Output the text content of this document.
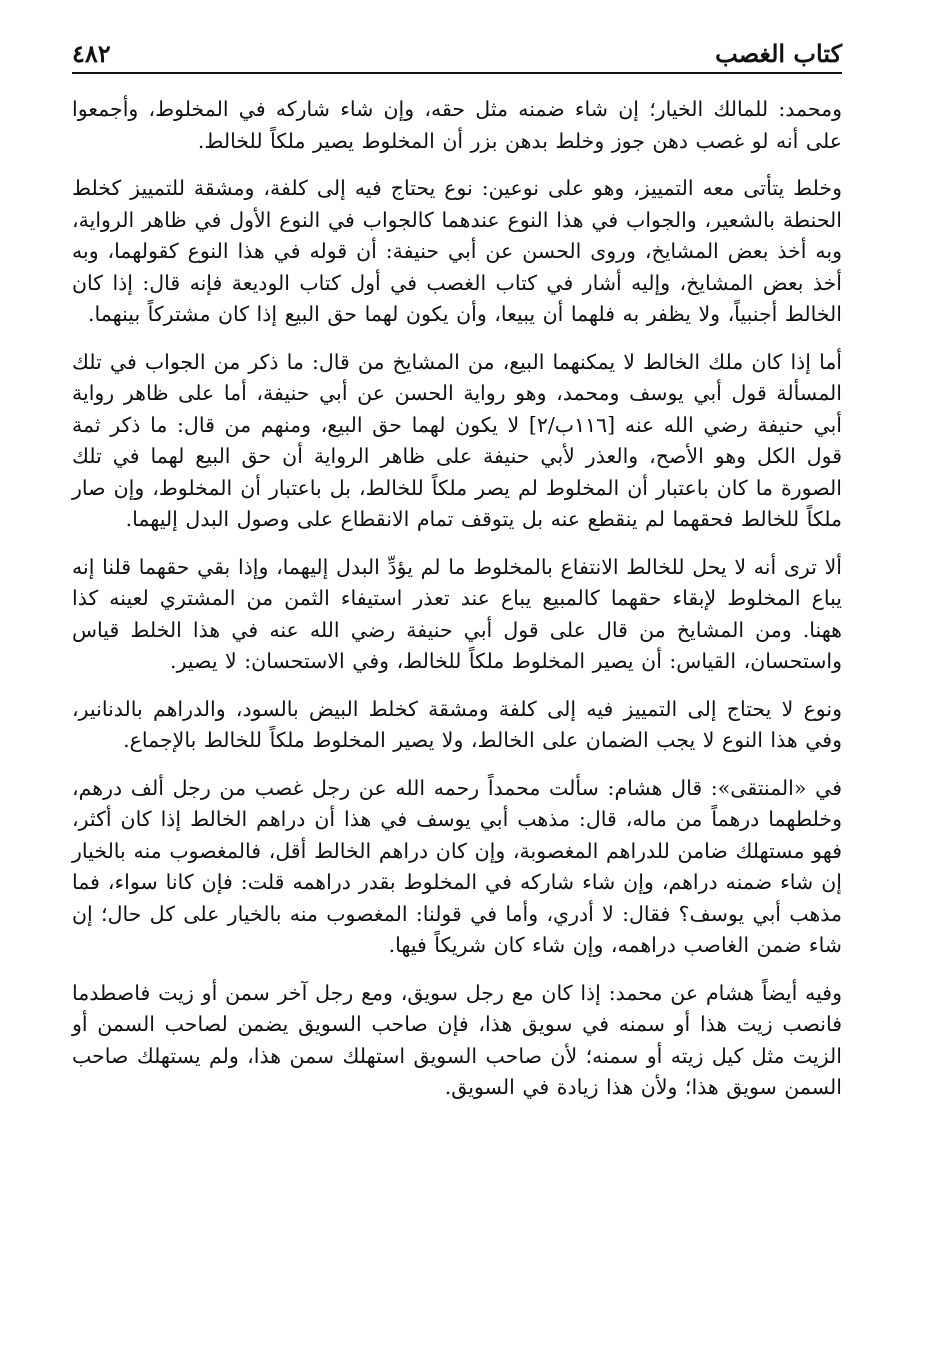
كتاب الغصب
٤٨٢

ومحمد: للمالك الخيار؛ إن شاء ضمنه مثل حقه، وإن شاء شاركه في المخلوط، وأجمعوا على أنه لو غصب دهن جوز وخلط بدهن بزر أن المخلوط يصير ملكاً للخالط.

وخلط يتأتى معه التمييز، وهو على نوعين: نوع يحتاج فيه إلى كلفة، ومشقة للتمييز كخلط الحنطة بالشعير، والجواب في هذا النوع عندهما كالجواب في النوع الأول في ظاهر الرواية، وبه أخذ بعض المشايخ، وروى الحسن عن أبي حنيفة: أن قوله في هذا النوع كقولهما، وبه أخذ بعض المشايخ، وإليه أشار في كتاب الغصب في أول كتاب الوديعة فإنه قال: إذا كان الخالط أجنبياً، ولا يظفر به فلهما أن يبيعا، وأن يكون لهما حق البيع إذا كان مشتركاً بينهما.

أما إذا كان ملك الخالط لا يمكنهما البيع، من المشايخ من قال: ما ذكر من الجواب في تلك المسألة قول أبي يوسف ومحمد، وهو رواية الحسن عن أبي حنيفة، أما على ظاهر رواية أبي حنيفة رضي الله عنه [١١٦ب/٢] لا يكون لهما حق البيع، ومنهم من قال: ما ذكر ثمة قول الكل وهو الأصح، والعذر لأبي حنيفة على ظاهر الرواية أن حق البيع لهما في تلك الصورة ما كان باعتبار أن المخلوط لم يصر ملكاً للخالط، بل باعتبار أن المخلوط، وإن صار ملكاً للخالط فحقهما لم ينقطع عنه بل يتوقف تمام الانقطاع على وصول البدل إليهما.

ألا ترى أنه لا يحل للخالط الانتفاع بالمخلوط ما لم يؤدِّ البدل إليهما، وإذا بقي حقهما قلنا إنه يباع المخلوط لإبقاء حقهما كالمبيع يباع عند تعذر استيفاء الثمن من المشتري لعينه كذا ههنا. ومن المشايخ من قال على قول أبي حنيفة رضي الله عنه في هذا الخلط قياس واستحسان، القياس: أن يصير المخلوط ملكاً للخالط، وفي الاستحسان: لا يصير.

ونوع لا يحتاج إلى التمييز فيه إلى كلفة ومشقة كخلط البيض بالسود، والدراهم بالدنانير، وفي هذا النوع لا يجب الضمان على الخالط، ولا يصير المخلوط ملكاً للخالط بالإجماع.

في «المنتقى»: قال هشام: سألت محمداً رحمه الله عن رجل غصب من رجل ألف درهم، وخلطهما درهماً من ماله، قال: مذهب أبي يوسف في هذا أن دراهم الخالط إذا كان أكثر، فهو مستهلك ضامن للدراهم المغصوبة، وإن كان دراهم الخالط أقل، فالمغصوب منه بالخيار إن شاء ضمنه دراهم، وإن شاء شاركه في المخلوط بقدر دراهمه قلت: فإن كانا سواء، فما مذهب أبي يوسف؟ فقال: لا أدري، وأما في قولنا: المغصوب منه بالخيار على كل حال؛ إن شاء ضمن الغاصب دراهمه، وإن شاء كان شريكاً فيها.

وفيه أيضاً هشام عن محمد: إذا كان مع رجل سويق، ومع رجل آخر سمن أو زيت فاصطدما فانصب زيت هذا أو سمنه في سويق هذا، فإن صاحب السويق يضمن لصاحب السمن أو الزيت مثل كيل زيته أو سمنه؛ لأن صاحب السويق استهلك سمن هذا، ولم يستهلك صاحب السمن سويق هذا؛ ولأن هذا زيادة في السويق.
